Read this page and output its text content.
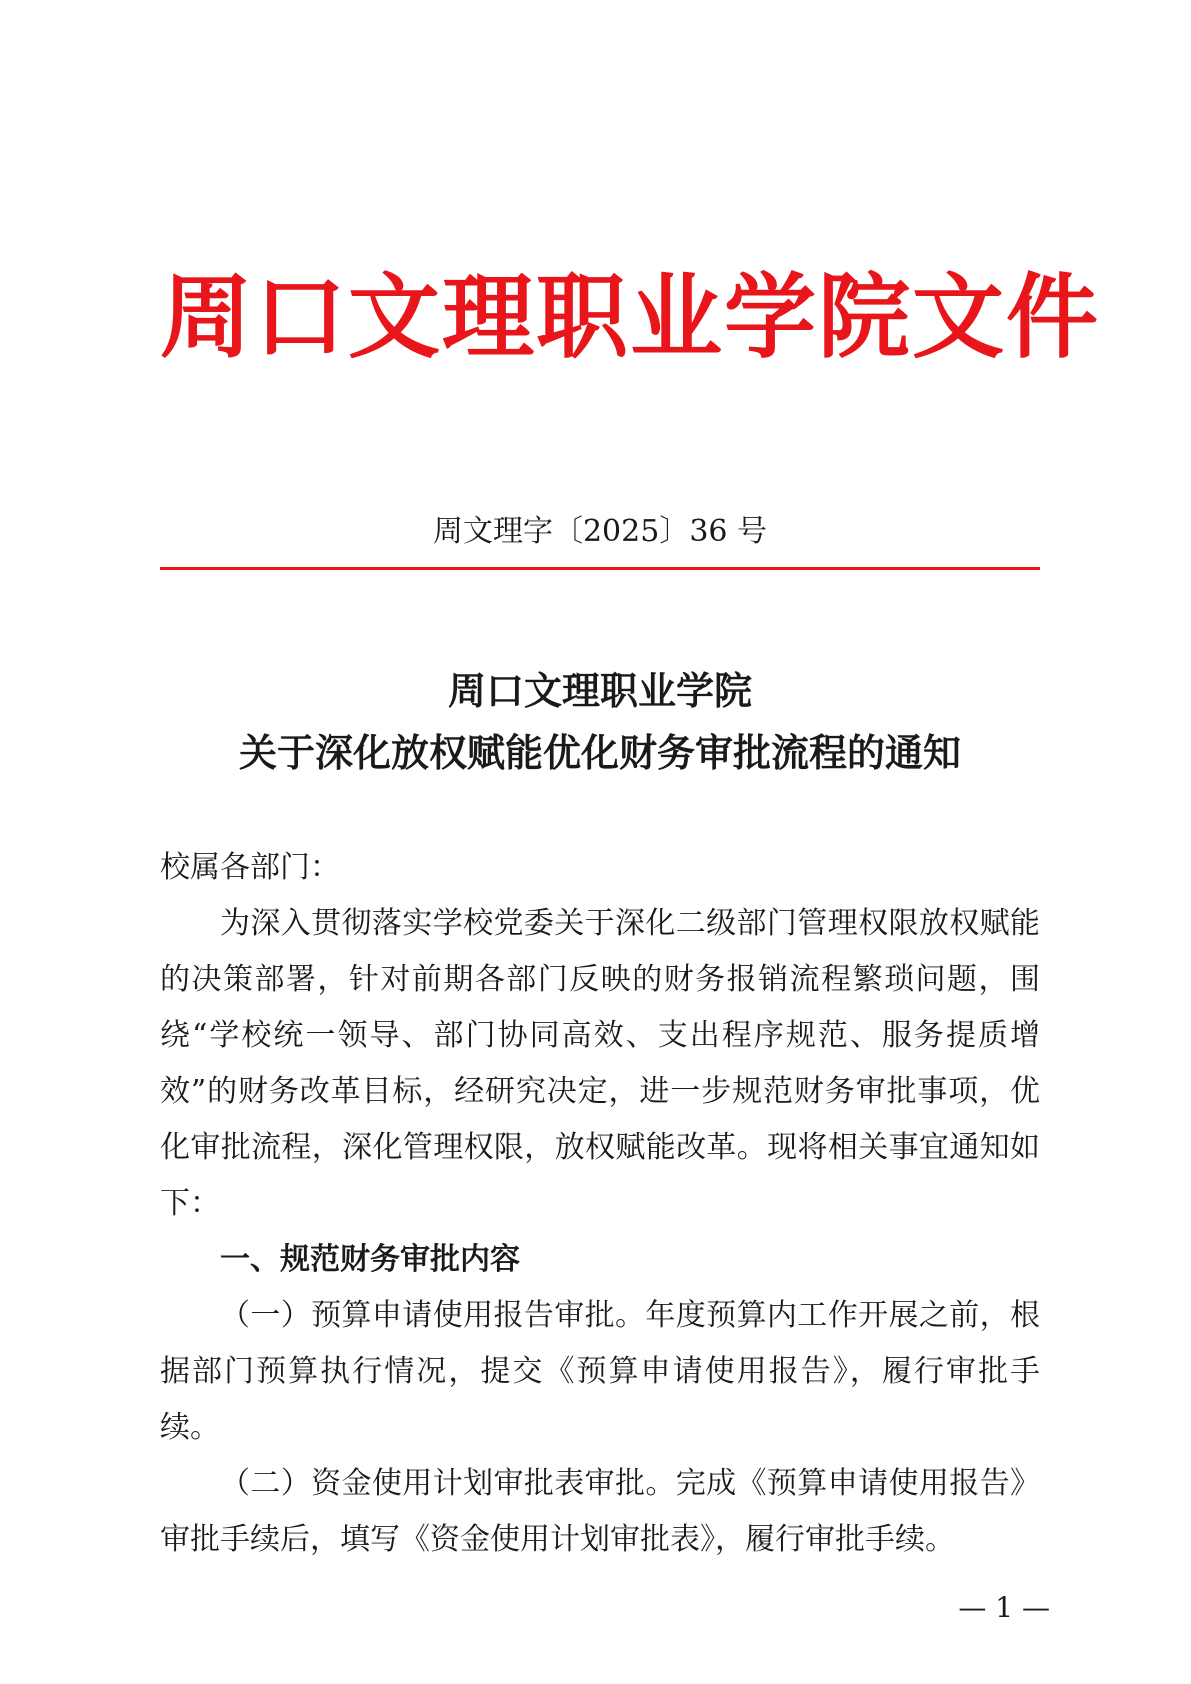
周口文理职业学院文件
周文理字〔2025〕36 号
周口文理职业学院
关于深化放权赋能优化财务审批流程的通知

校属各部门：

为深入贯彻落实学校党委关于深化二级部门管理权限放权赋能的决策部署，针对前期各部门反映的财务报销流程繁琐问题，围绕“学校统一领导、部门协同高效、支出程序规范、服务提质增效”的财务改革目标，经研究决定，进一步规范财务审批事项，优化审批流程，深化管理权限，放权赋能改革。现将相关事宜通知如下：

一、规范财务审批内容

（一）预算申请使用报告审批。年度预算内工作开展之前，根据部门预算执行情况，提交《预算申请使用报告》，履行审批手续。

（二）资金使用计划审批表审批。完成《预算申请使用报告》审批手续后，填写《资金使用计划审批表》，履行审批手续。

— 1 —
